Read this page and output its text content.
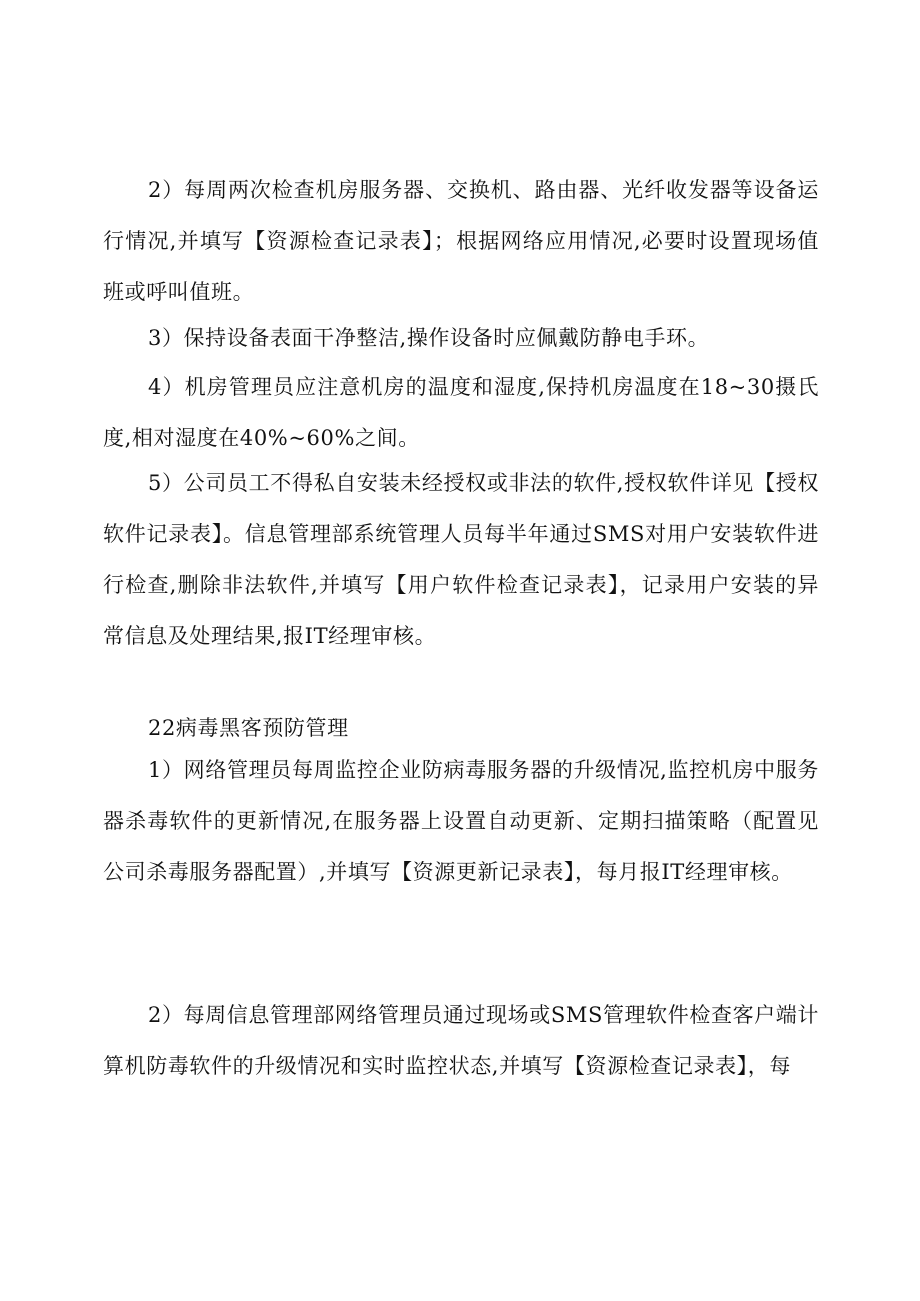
2）每周两次检查机房服务器、交换机、路由器、光纤收发器等设备运行情况,并填写【资源检查记录表】；根据网络应用情况,必要时设置现场值班或呼叫值班。

3）保持设备表面干净整洁,操作设备时应佩戴防静电手环。

4）机房管理员应注意机房的温度和湿度,保持机房温度在18~30摄氏度,相对湿度在40%~60%之间。

5）公司员工不得私自安装未经授权或非法的软件,授权软件详见【授权软件记录表】。信息管理部系统管理人员每半年通过SMS对用户安装软件进行检查,删除非法软件,并填写【用户软件检查记录表】，记录用户安装的异常信息及处理结果,报IT经理审核。

22病毒黑客预防管理

1）网络管理员每周监控企业防病毒服务器的升级情况,监控机房中服务器杀毒软件的更新情况,在服务器上设置自动更新、定期扫描策略（配置见公司杀毒服务器配置）,并填写【资源更新记录表】，每月报IT经理审核。

2）每周信息管理部网络管理员通过现场或SMS管理软件检查客户端计算机防毒软件的升级情况和实时监控状态,并填写【资源检查记录表】，每
